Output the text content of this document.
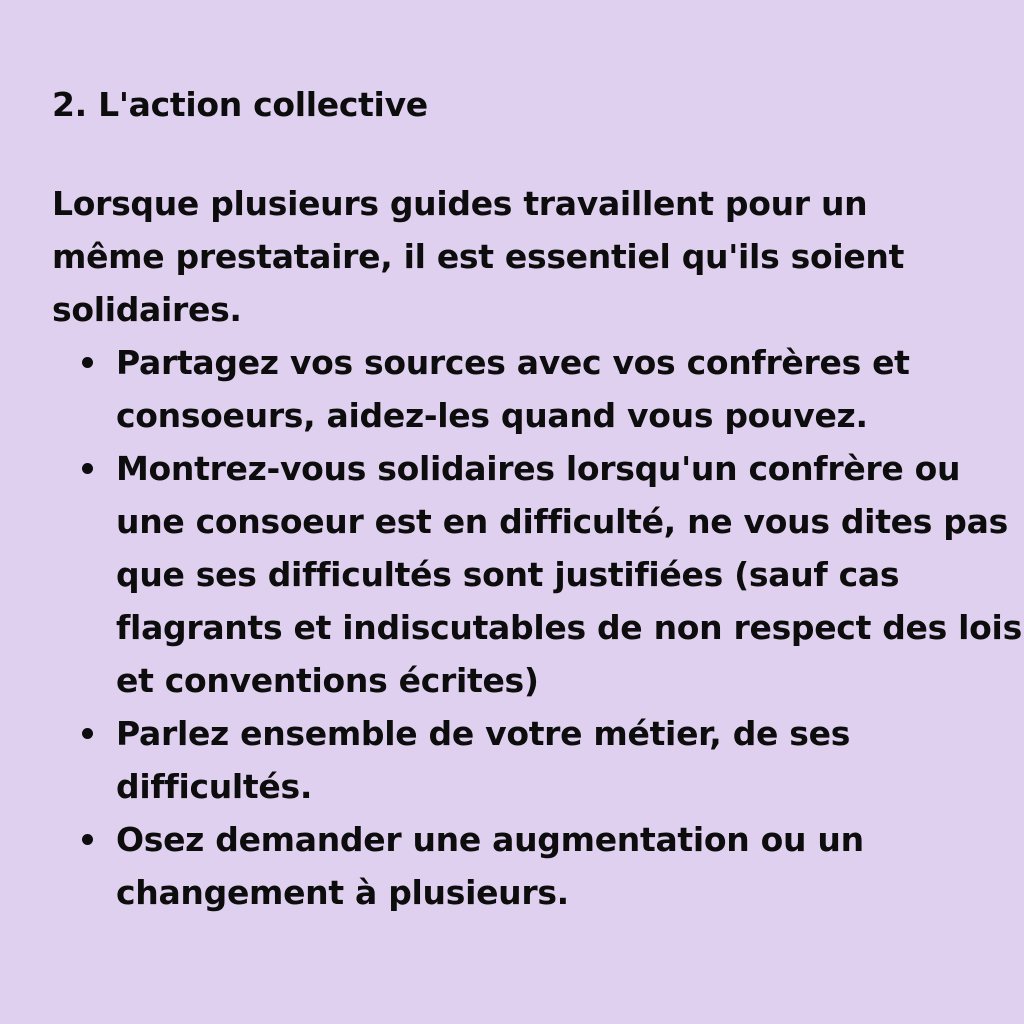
2. L'action collective

Lorsque plusieurs guides travaillent pour un même prestataire, il est essentiel qu'ils soient solidaires.

Partagez vos sources avec vos confrères et consoeurs, aidez-les quand vous pouvez.
Montrez-vous solidaires lorsqu'un confrère ou une consoeur est en difficulté, ne vous dites pas que ses difficultés sont justifiées (sauf cas flagrants et indiscutables de non respect des lois et conventions écrites)
Parlez ensemble de votre métier, de ses difficultés.
Osez demander une augmentation ou un changement à plusieurs.
